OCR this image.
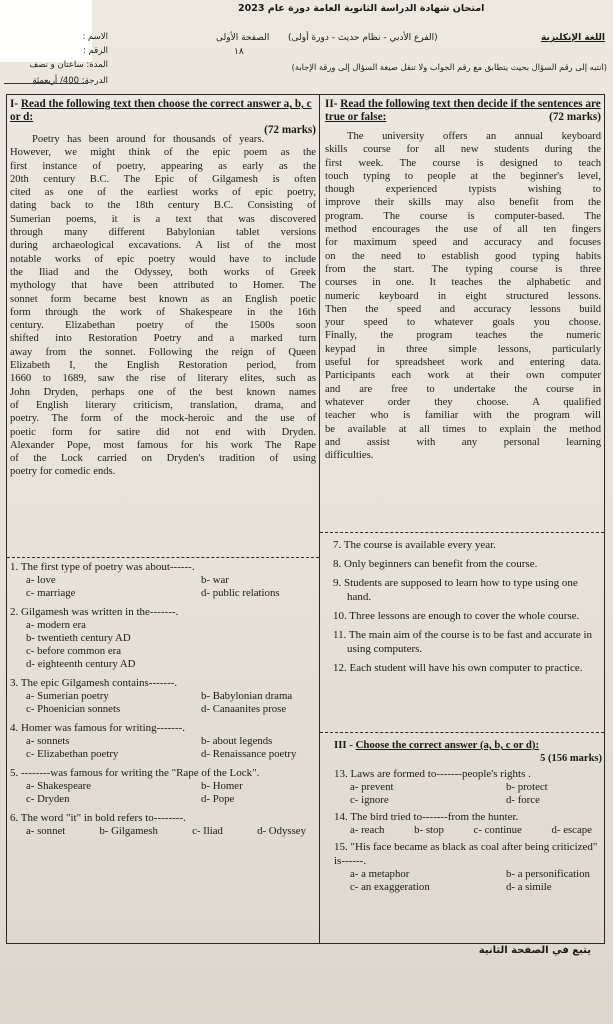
امتحان شهادة الدراسة الثانوية العامة دورة عام 2023
اللغة الإنكليزية
(الفرع الأدبي - نظام حديث - دورة أولى)
الصفحة الأولى
١٨
(انتبه إلى رقم السؤال بحيث يتطابق مع رقم الجواب ولا تنقل صيغة السؤال إلى ورقة الإجابة)
الاسم :
الرقم :
المدة: ساعتان و نصف
الدرجة: 400/ أربعمئة
I- Read the following text then choose the correct answer a, b, c or d:
(72 marks)
Poetry has been around for thousands of years.
However, we might think of the epic poem as the
first instance of poetry, appearing as early as the
20th century B.C. The Epic of Gilgamesh is often
cited as one of the earliest works of epic poetry,
dating back to the 18th century B.C. Consisting of
Sumerian poems, it is a text that was discovered
through many different Babylonian tablet versions
during archaeological excavations. A list of the most
notable works of epic poetry would have to include
the Iliad and the Odyssey, both works of Greek
mythology that have been attributed to Homer. The
sonnet form became best known as an English poetic
form through the work of Shakespeare in the 16th
century. Elizabethan poetry of the 1500s soon
shifted into Restoration Poetry and a marked turn
away from the sonnet. Following the reign of Queen
Elizabeth I, the English Restoration period, from
1660 to 1689, saw the rise of literary elites, such as
John Dryden, perhaps one of the best known names
of English literary criticism, translation, drama, and
poetry. The form of the mock-heroic and the use of
poetic form for satire did not end with Dryden.
Alexander Pope, most famous for his work The Rape
of the Lock carried on Dryden's tradition of using
poetry for comedic ends.
1. The first type of poetry was about------.
a- love	b- war
c- marriage	d- public relations
2. Gilgamesh was written in the-------.
a- modern era
b- twentieth century AD
c- before common era
d- eighteenth century AD
3. The epic Gilgamesh contains-------.
a- Sumerian poetry	b- Babylonian drama
c- Phoenician sonnets	d- Canaanites prose
4. Homer was famous for writing-------.
a- sonnets	b- about legends
c- Elizabethan poetry	d- Renaissance poetry
5. --------was famous for writing the "Rape of the Lock".
a- Shakespeare	b- Homer
c- Dryden	d- Pope
6. The word "it" in bold refers to--------.
a- sonnet	b- Gilgamesh	c- Iliad	d- Odyssey
II- Read the following text then decide if the sentences are true or false:	(72 marks)
The university offers an annual keyboard
skills course for all new students during the
first week. The course is designed to teach
touch typing to people at the beginner's level,
though experienced typists wishing to
improve their skills may also benefit from the
program. The course is computer-based. The
method encourages the use of all ten fingers
for maximum speed and accuracy and focuses
on the need to establish good typing habits
from the start. The typing course is three
courses in one. It teaches the alphabetic and
numeric keyboard in eight structured lessons.
Then the speed and accuracy lessons build
your speed to whatever goals you choose.
Finally, the program teaches the numeric
keypad in three simple lessons, particularly
useful for spreadsheet work and entering data.
Participants each work at their own computer
and are free to undertake the course in
whatever order they choose. A qualified
teacher who is familiar with the program will
be available at all times to explain the method
and assist with any personal learning
difficulties.
7. The course is available every year.
8. Only beginners can benefit from the course.
9. Students are supposed to learn how to type using one hand.
10. Three lessons are enough to cover the whole course.
11. The main aim of the course is to be fast and accurate in using computers.
12. Each student will have his own computer to practice.
III - Choose the correct answer (a, b, c or d):
5 (156 marks)
13. Laws are formed to-------people's rights .
a- prevent	b- protect
c- ignore	d- force
14. The bird tried to-------from the hunter.
a- reach	b- stop	c- continue	d- escape
15. "His face became as black as coal after being criticized" is------.
a- a metaphor	b- a personification
c- an exaggeration	d- a simile
يتبع في الصفحة الثانية
